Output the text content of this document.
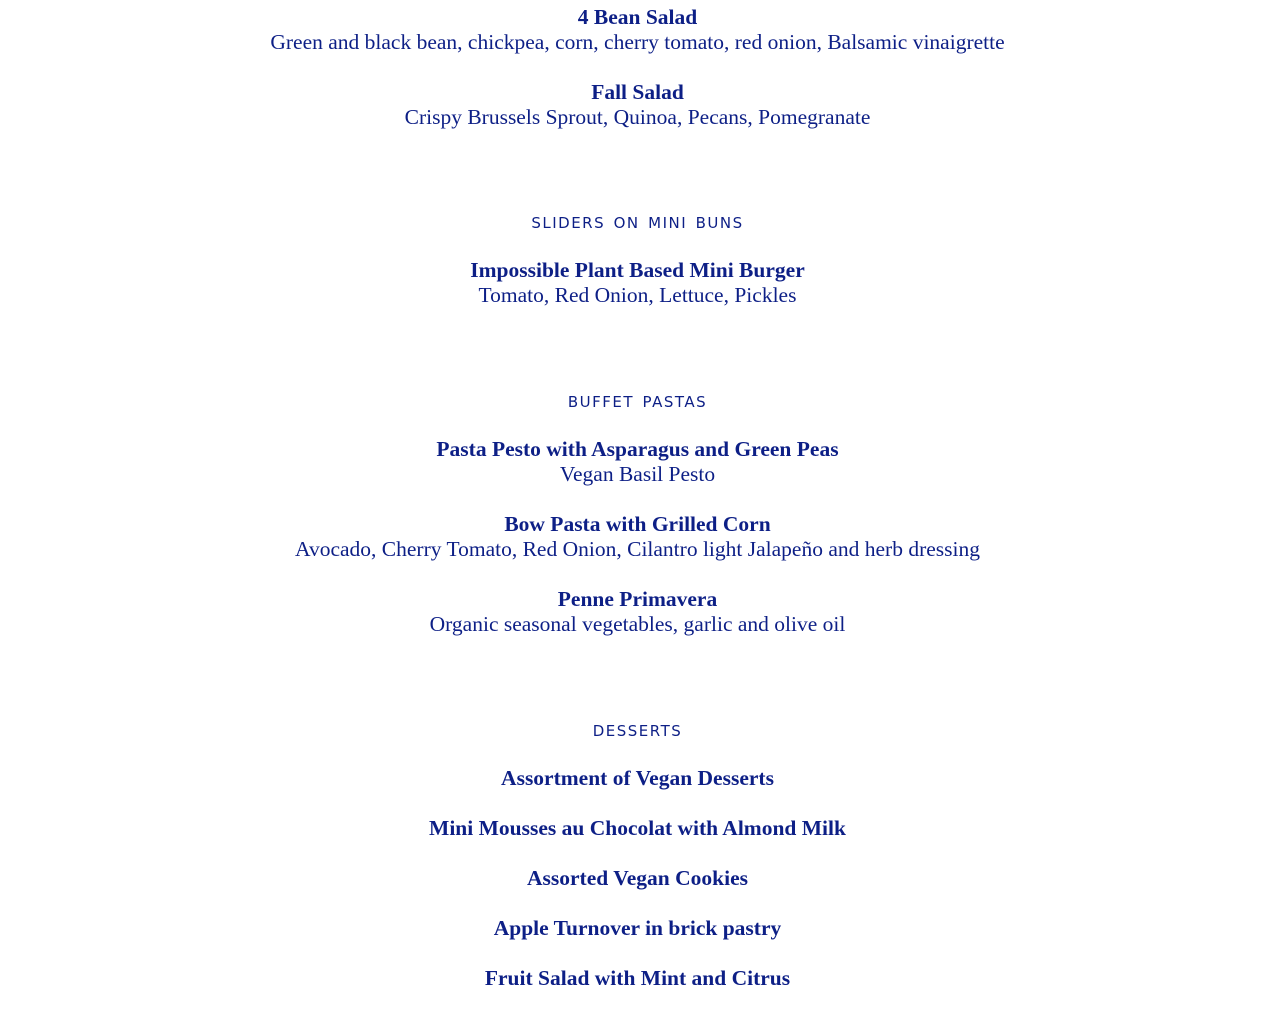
4 Bean Salad
Green and black bean, chickpea, corn, cherry tomato, red onion, Balsamic vinaigrette
Fall Salad
Crispy Brussels Sprout, Quinoa, Pecans, Pomegranate
sliders on mini buns
Impossible Plant Based Mini Burger
Tomato, Red Onion, Lettuce, Pickles
buffet pastas
Pasta Pesto with Asparagus and Green Peas
Vegan Basil Pesto
Bow Pasta with Grilled Corn
Avocado, Cherry Tomato, Red Onion, Cilantro light Jalapeño and herb dressing
Penne Primavera
Organic seasonal vegetables, garlic and olive oil
desserts
Assortment of Vegan Desserts
Mini Mousses au Chocolat with Almond Milk
Assorted Vegan Cookies
Apple Turnover in brick pastry
Fruit Salad with Mint and Citrus
